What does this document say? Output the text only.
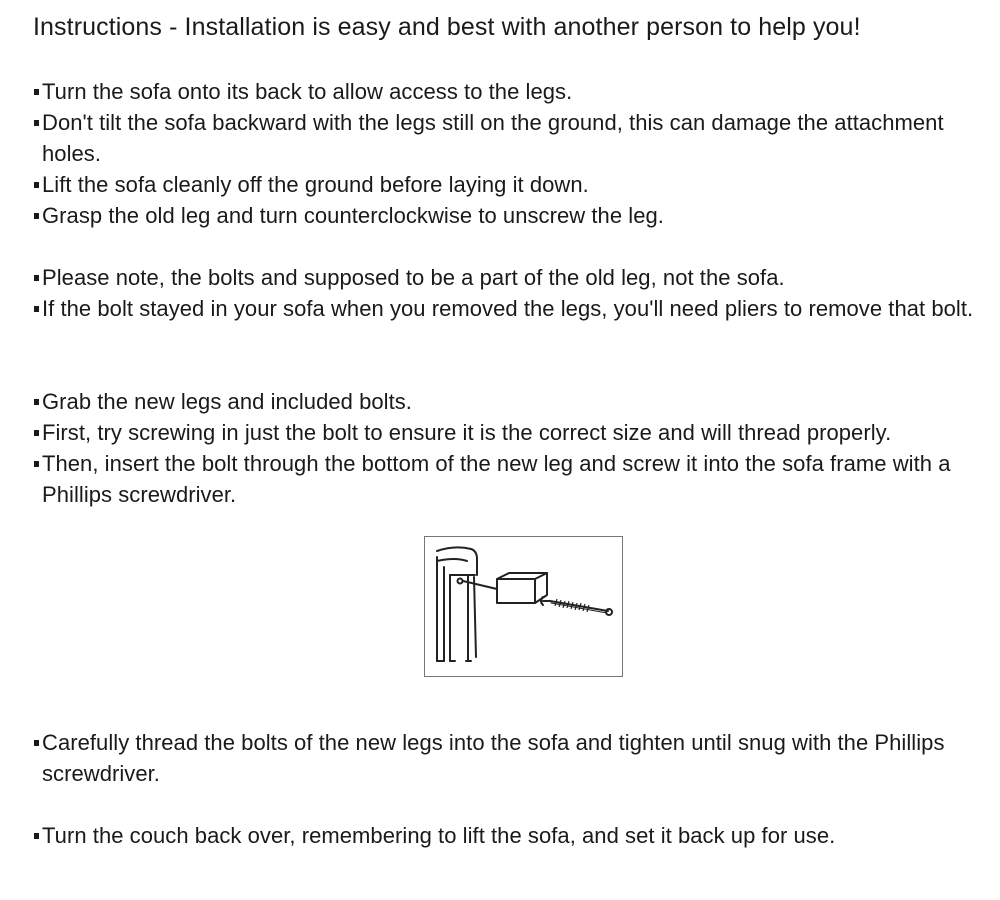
Instructions - Installation is easy and best with another person to help you!
Turn the sofa onto its back to allow access to the legs.
Don't tilt the sofa backward with the legs still on the ground, this can damage the attachment holes.
Lift the sofa cleanly off the ground before laying it down.
Grasp the old leg and turn counterclockwise to unscrew the leg.
Please note, the bolts and supposed to be a part of the old leg, not the sofa.
If the bolt stayed in your sofa when you removed the legs, you'll need pliers to remove that bolt.
Grab the new legs and included bolts.
First, try screwing in just the bolt to ensure it is the correct size and will thread properly.
Then, insert the bolt through the bottom of the new leg and screw it into the sofa frame with a Phillips screwdriver.
Carefully thread the bolts of the new legs into the sofa and tighten until snug with the Phillips screwdriver.
Turn the couch back over, remembering to lift the sofa, and set it back up for use.
